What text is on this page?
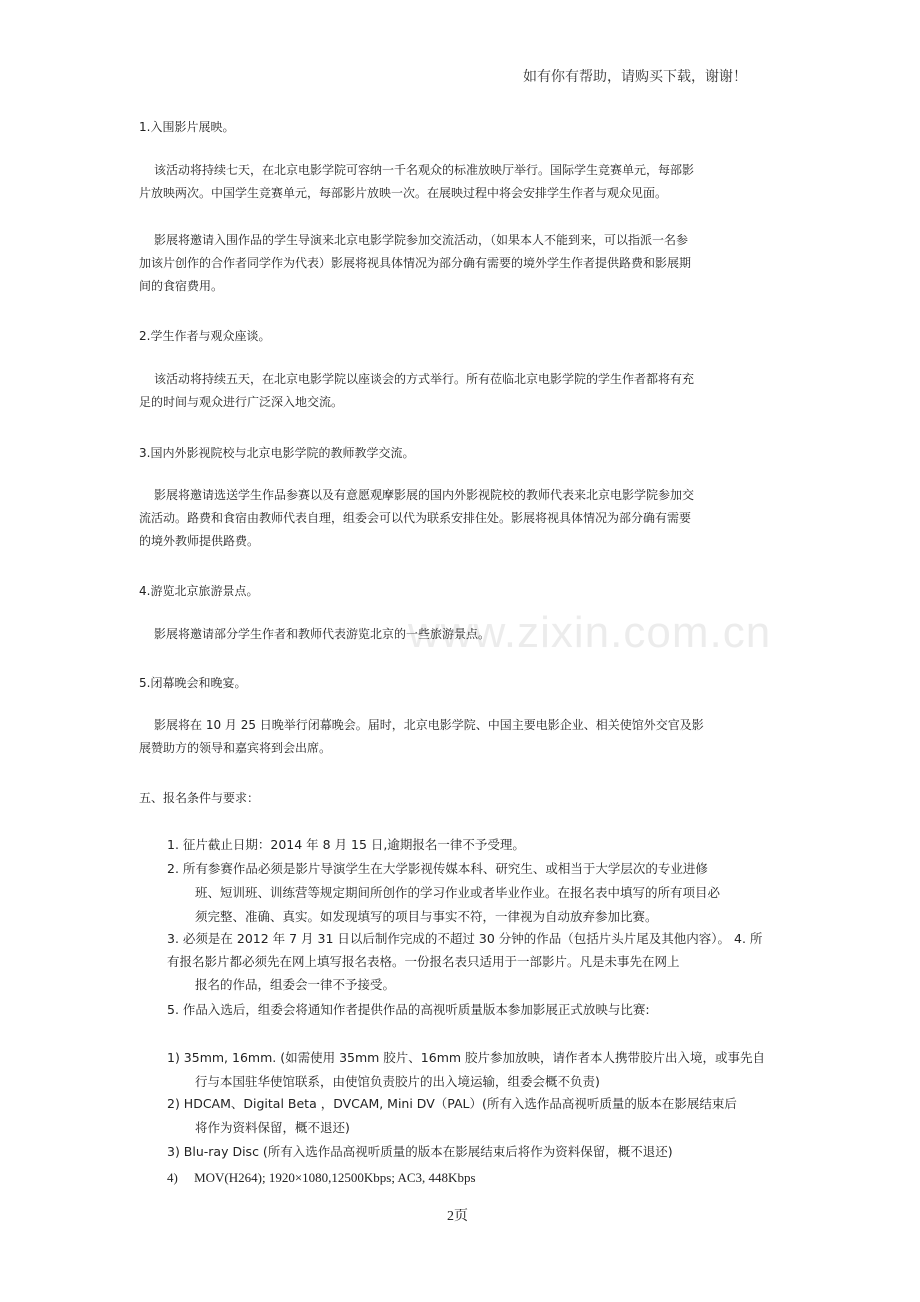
如有你有帮助，请购买下载，谢谢！
www.zixin.com.cn
1.入围影片展映。
该活动将持续七天，在北京电影学院可容纳一千名观众的标准放映厅举行。国际学生竞赛单元，每部影
片放映两次。中国学生竞赛单元，每部影片放映一次。在展映过程中将会安排学生作者与观众见面。
影展将邀请入围作品的学生导演来北京电影学院参加交流活动，（如果本人不能到来，可以指派一名参
加该片创作的合作者同学作为代表）影展将视具体情况为部分确有需要的境外学生作者提供路费和影展期
间的食宿费用。
2.学生作者与观众座谈。
该活动将持续五天，在北京电影学院以座谈会的方式举行。所有莅临北京电影学院的学生作者都将有充
足的时间与观众进行广泛深入地交流。
3.国内外影视院校与北京电影学院的教师教学交流。
影展将邀请选送学生作品参赛以及有意愿观摩影展的国内外影视院校的教师代表来北京电影学院参加交
流活动。路费和食宿由教师代表自理，组委会可以代为联系安排住处。影展将视具体情况为部分确有需要
的境外教师提供路费。
4.游览北京旅游景点。
影展将邀请部分学生作者和教师代表游览北京的一些旅游景点。
5.闭幕晚会和晚宴。
影展将在 10 月 25 日晚举行闭幕晚会。届时，北京电影学院、中国主要电影企业、相关使馆外交官及影
展赞助方的领导和嘉宾将到会出席。
五、报名条件与要求：
1. 征片截止日期：2014 年 8 月 15 日,逾期报名一律不予受理。
2. 所有参赛作品必须是影片导演学生在大学影视传媒本科、研究生、或相当于大学层次的专业进修
班、短训班、训练营等规定期间所创作的学习作业或者毕业作业。在报名表中填写的所有项目必
须完整、准确、真实。如发现填写的项目与事实不符，一律视为自动放弃参加比赛。
3. 必须是在 2012 年 7 月 31 日以后制作完成的不超过 30 分钟的作品（包括片头片尾及其他内容）。 4. 所
有报名影片都必须先在网上填写报名表格。一份报名表只适用于一部影片。凡是未事先在网上
报名的作品，组委会一律不予接受。
5. 作品入选后，组委会将通知作者提供作品的高视听质量版本参加影展正式放映与比赛:
1) 35mm, 16mm. (如需使用 35mm 胶片、16mm 胶片参加放映，请作者本人携带胶片出入境，或事先自
行与本国驻华使馆联系，由使馆负责胶片的出入境运输，组委会概不负责)
2) HDCAM、Digital Beta ，DVCAM, Mini DV（PAL）(所有入选作品高视听质量的版本在影展结束后
将作为资料保留，概不退还)
3) Blu-ray Disc (所有入选作品高视听质量的版本在影展结束后将作为资料保留，概不退还)
4)     MOV(H264); 1920×1080,12500Kbps; AC3, 448Kbps
2页
